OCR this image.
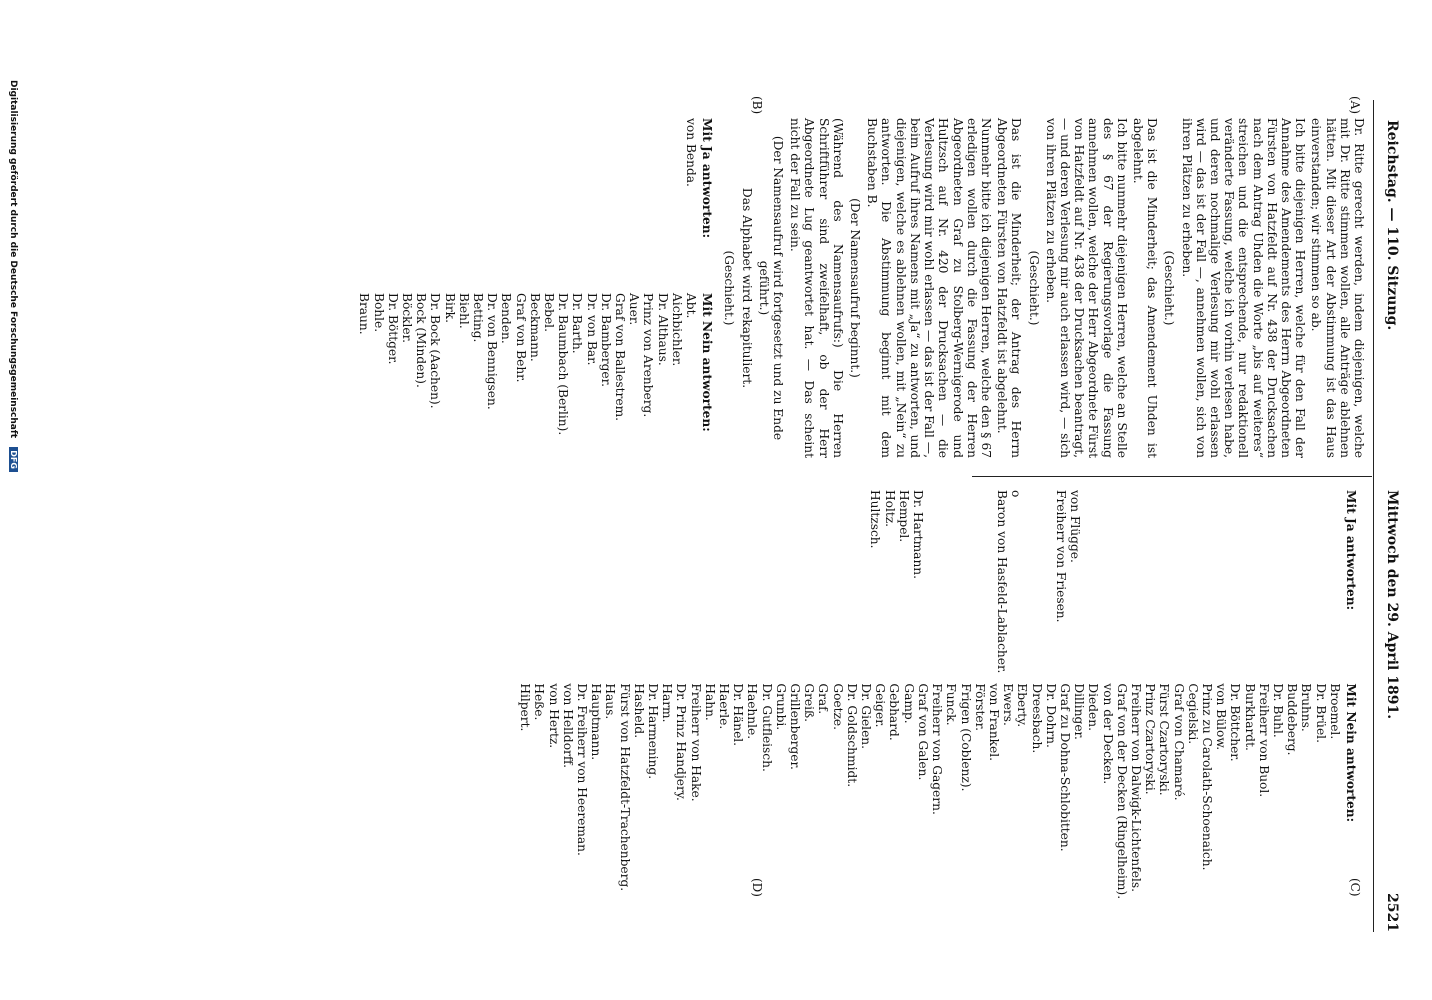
Reichstag. — 110. Sitzung.
Mittwoch den 29. April 1891.
2521
(A)
(B)
(C)
(D)

Dr. Ritte gerecht werden, indem diejenigen, welche mit Dr. Ritte stimmen wollen, alle Anträge ablehnen hätten. Mit dieser Art der Abstimmung ist das Haus einverstanden; wir stimmen so ab.

Ich bitte diejenigen Herren, welche für den Fall der Annahme des Amendements des Herrn Abgeordneten Fürsten von Hatzfeldt auf Nr. 438 der Drucksachen nach dem Antrag Uhden die Worte „bis auf weiteres“ streichen und die entsprechende, nur redaktionell veränderte Fassung, welche ich vorhin verlesen habe, und deren nochmalige Verlesung mir wohl erlassen wird — das ist der Fall —, annehmen wollen, sich von ihren Plätzen zu erheben.

(Geschieht.)

Das ist die Minderheit; das Amendement Uhden ist abgelehnt.

Ich bitte nunmehr diejenigen Herren, welche an Stelle des § 67 der Regierungsvorlage die Fassung annehmen wollen, welche der Herr Abgeordnete Fürst von Hatzfeldt auf Nr. 438 der Drucksachen beantragt, — und deren Verlesung mir auch erlassen wird, — sich von ihren Plätzen zu erheben.

(Geschieht.)

Das ist die Minderheit; der Antrag des Herrn Abgeordneten Fürsten von Hatzfeldt ist abgelehnt.

Nunmehr bitte ich diejenigen Herren, welche den § 67 erledigen wollen durch die Fassung der Herren Abgeordneten Graf zu Stolberg-Wernigerode und Hultzsch auf Nr. 420 der Drucksachen — die Verlesung wird mir wohl erlassen — das ist der Fall —, beim Aufruf ihres Namens mit „Ja“ zu antworten, und diejenigen, welche es ablehnen wollen, mit „Nein“ zu antworten. Die Abstimmung beginnt mit dem Buchstaben B.

(Der Namensaufruf beginnt.)

(Während des Namensaufrufs:) Die Herren Schriftführer sind zweifelhaft, ob der Herr Abgeordnete Lug geantwortet hat. — Das scheint nicht der Fall zu sein.

(Der Namensaufruf wird fortgesetzt und zu Ende geführt.)
Das Alphabet wird rekapituliert.
(Geschieht.)
Mit Ja antworten:
von Benda.
Mit Nein antworten:
Abt.
Aichbichler.
Dr. Althaus.
Prinz von Arenberg.
Auer.
Graf von Ballestrem.
Dr. Bamberger.
Dr. von Bar.
Dr. Barth.
Dr. Baumbach (Berlin).
Bebel.
Beckmann.
Graf von Behr.
Benden.
Dr. von Bennigsen.
Betting.
Biehl.
Birk.
Dr. Bock (Aachen).
Bock (Minden).
Böckler.
Dr. Böttger.
Bohle.
Braun.
Mit Ja antworten:
von Flügge.
Freiherr von Friesen.
o
Baron von Hasfeld-Lablacher.
Dr. Hartmann.
Hempel.
Holtz.
Hultzsch.
Mit Nein antworten:
Broemel.
Dr. Brüel.
Bruhns.
Buddeberg.
Dr. Buhl.
Freiherr von Buol.
Burkhardt.
Dr. Böttcher.
von Bülow.
Prinz zu Carolath-Schoenaich.
Cegielski.
Graf von Chamaré.
Fürst Czartoryski.
Prinz Czartoryski.
Freiherr von Dalwigk-Lichtenfels.
Graf von der Decken (Ringelheim).
von der Decken.
Dieden.
Dillinger.
Graf zu Dohna-Schlobitten.
Dr. Dohrn.
Dreesbach.
Eberty.
Ewers.
von Frankel.
Förster.
Frigen (Coblenz).
Funck.
Freiherr von Gagern.
Graf von Galen.
Gamp.
Gebhard.
Geiger.
Dr. Gielen.
Dr. Goldschmidt.
Goetze.
Graf.
Greiß.
Grillenberger.
Grunbi.
Dr. Gutfleisch.
Haehnle.
Dr. Hänel.
Haerle.
Hahn.
Freiherr von Hake.
Dr. Prinz Handjery.
Harm.
Dr. Harmening.
Hasheld.
Fürst von Hatzfeldt-Trachenberg.
Haus.
Hauptmann.
Dr. Freiherr von Heereman.
von Helldorff.
von Hertz.
Heße.
Hilpert.
Digitalisierung gefördert durch die Deutsche Forschungsgemeinschaft DFG
